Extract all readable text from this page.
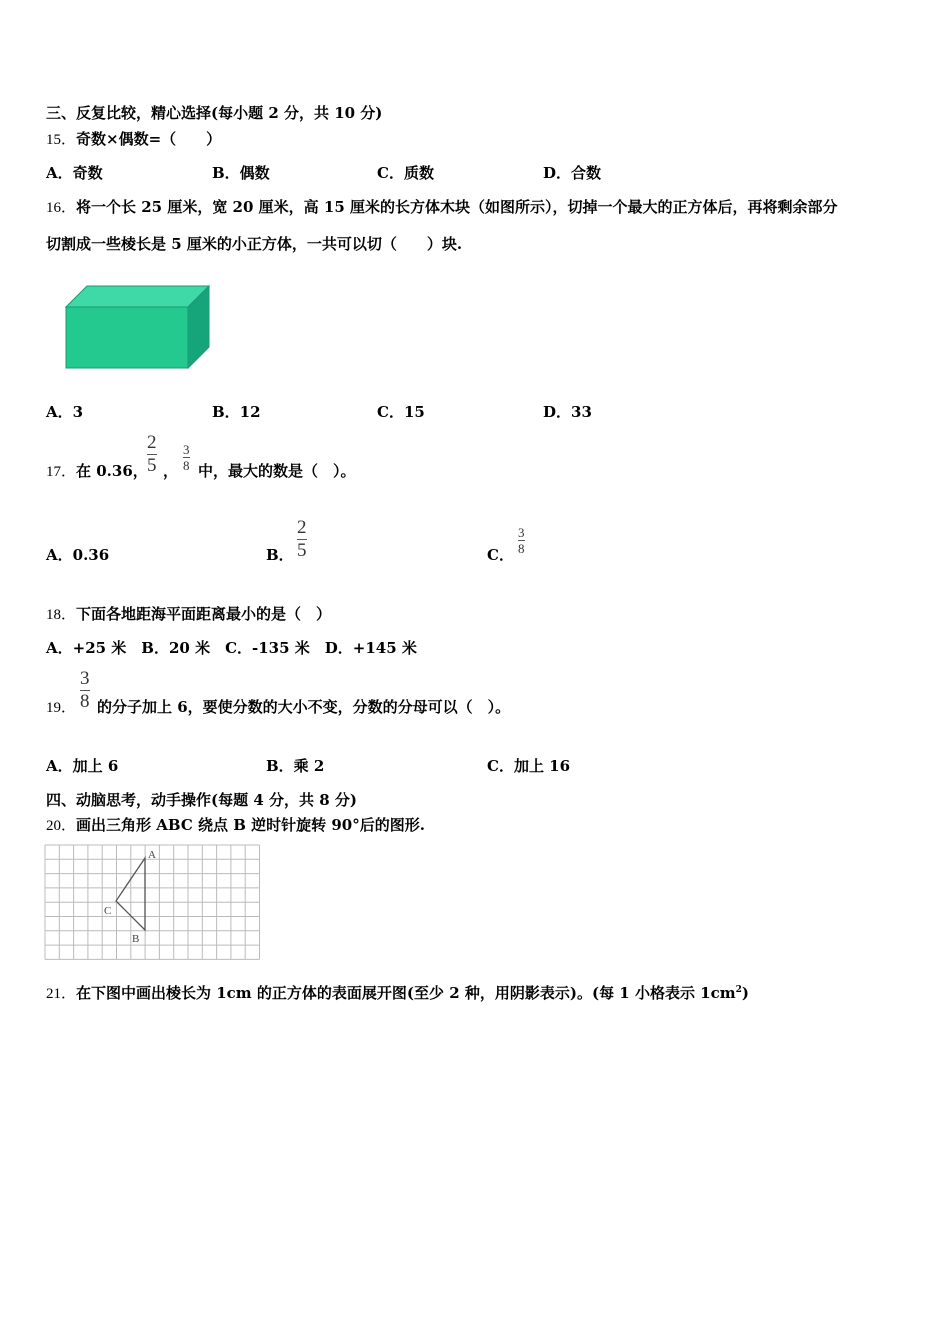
三、反复比较，精心选择(每小题 2 分，共 10 分)
15．奇数×偶数=（　　）
A．奇数	B．偶数	C．质数	D．合数
16．将一个长 25 厘米，宽 20 厘米，高 15 厘米的长方体木块（如图所示），切掉一个最大的正方体后，再将剩余部分
切割成一些棱长是 5 厘米的小正方体，一共可以切（　　）块.
A．3	B．12	C．15	D．33
17．在 0.36，
2
5 ，
3
8 中，最大的数是（　）。
A．0.36	B．
2
5	C．
3
8
18．下面各地距海平面距离最小的是（　）
A．+25 米　B．20 米　C．-135 米　D．+145 米
19．
3
8 的分子加上 6，要使分数的大小不变，分数的分母可以（　）。
A．加上 6	B．乘 2	C．加上 16
四、动脑思考，动手操作(每题 4 分，共 8 分)
20．画出三角形 ABC 绕点 B 逆时针旋转 90°后的图形.
A
B
C
21．在下图中画出棱长为 1cm 的正方体的表面展开图(至少 2 种，用阴影表示)。(每 1 小格表示 $1cm^2$)
